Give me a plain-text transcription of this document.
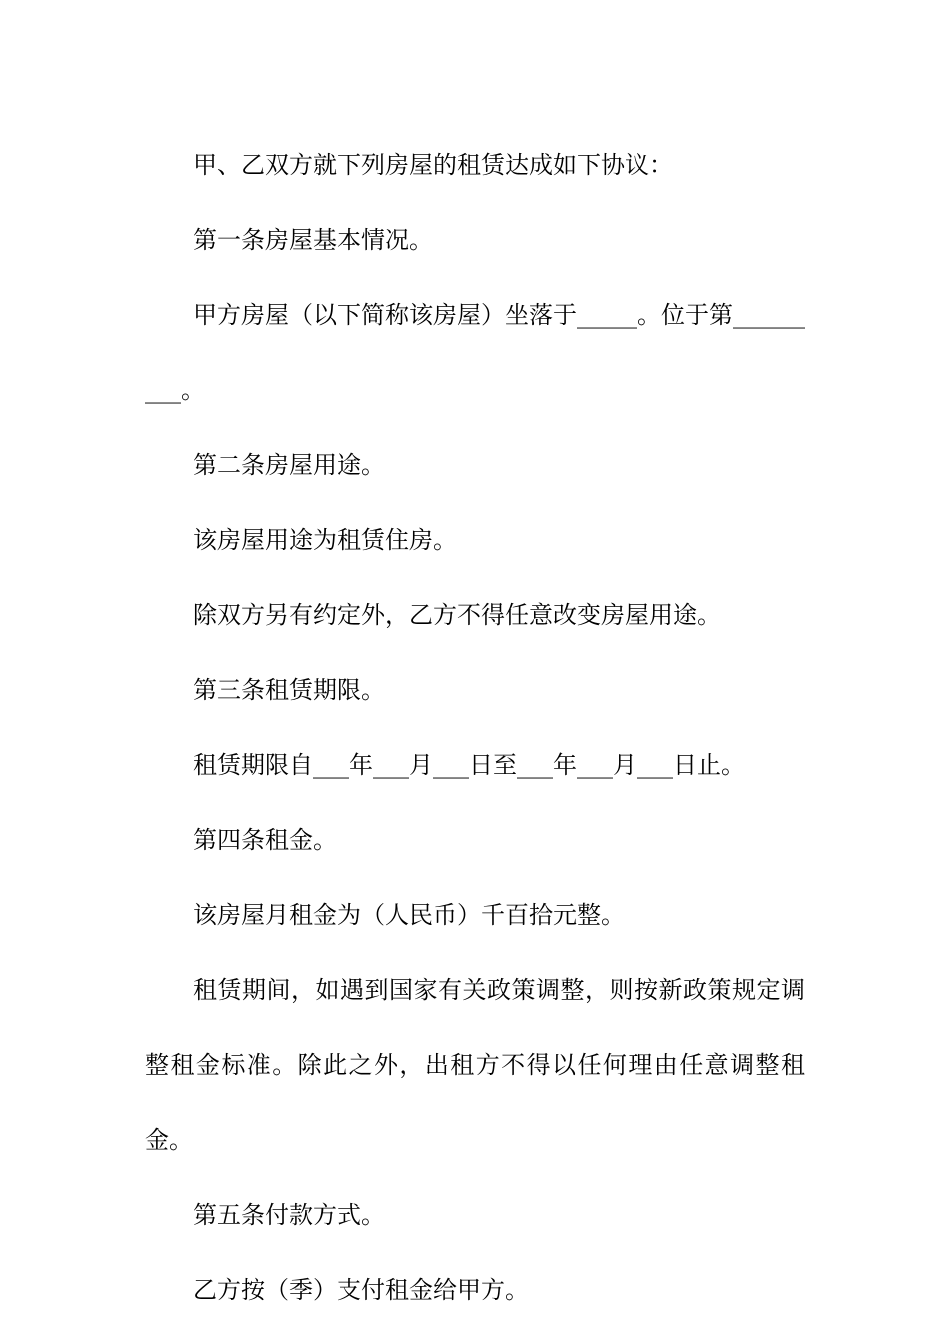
甲、乙双方就下列房屋的租赁达成如下协议：

第一条房屋基本情况。

甲方房屋（以下简称该房屋）坐落于_____。位于第_________。

第二条房屋用途。

该房屋用途为租赁住房。

除双方另有约定外，乙方不得任意改变房屋用途。

第三条租赁期限。

租赁期限自___年___月___日至___年___月___日止。

第四条租金。

该房屋月租金为（人民币）千百拾元整。

租赁期间，如遇到国家有关政策调整，则按新政策规定调整租金标准。除此之外，出租方不得以任何理由任意调整租金。

第五条付款方式。

乙方按（季）支付租金给甲方。
